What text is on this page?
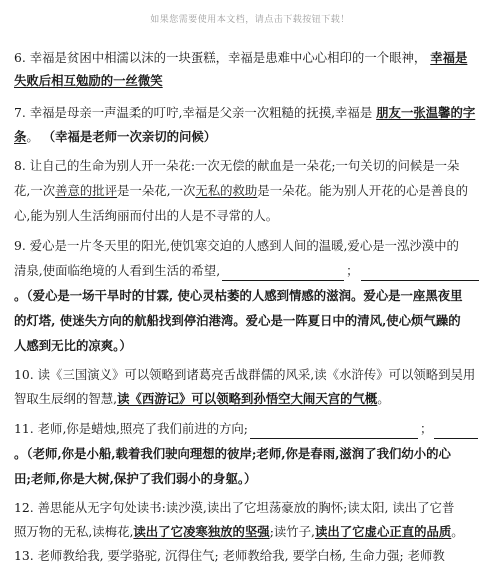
如果您需要使用本文档，请点击下载按钮下载！
6. 幸福是贫困中相濡以沫的一块蛋糕，幸福是患难中心心相印的一个眼神， 幸福是
失败后相互勉励的一丝微笑
7. 幸福是母亲一声温柔的叮咛,幸福是父亲一次粗糙的抚摸,幸福是 朋友一张温馨的字
条。 （幸福是老师一次亲切的问候）
8. 让自己的生命为别人开一朵花:一次无偿的献血是一朵花;一句关切的问候是一朵
花,一次善意的批评是一朵花,一次无私的救助是一朵花。能为别人开花的心是善良的
心,能为别人生活绚丽而付出的人是不寻常的人。
9. 爱心是一片冬天里的阳光,使饥寒交迫的人感到人间的温暖,爱心是一泓沙漠中的
清泉,使面临绝境的人看到生活的希望,	；
。（爱心是一场干旱时的甘霖, 使心灵枯萎的人感到情感的滋润。爱心是一座黑夜里
的灯塔, 使迷失方向的航船找到停泊港湾。爱心是一阵夏日中的清风,使心烦气躁的
人感到无比的凉爽。）
10. 读《三国演义》可以领略到诸葛亮舌战群儒的风采,读《水浒传》可以领略到吴用
智取生辰纲的智慧,读《西游记》可以领略到孙悟空大闹天宫的气概。
11. 老师,你是蜡烛,照亮了我们前进的方向;	；
。（老师,你是小船,载着我们驶向理想的彼岸;老师,你是春雨,滋润了我们幼小的心
田;老师,你是大树,保护了我们弱小的身躯。）
12. 善思能从无字句处读书:读沙漠,读出了它坦荡豪放的胸怀;读太阳, 读出了它普
照万物的无私,读梅花,读出了它凌寒独放的坚强;读竹子,读出了它虚心正直的品质。
13. 老师教给我, 要学骆驼, 沉得住气; 老师教给我, 要学白杨, 生命力强; 老师教
